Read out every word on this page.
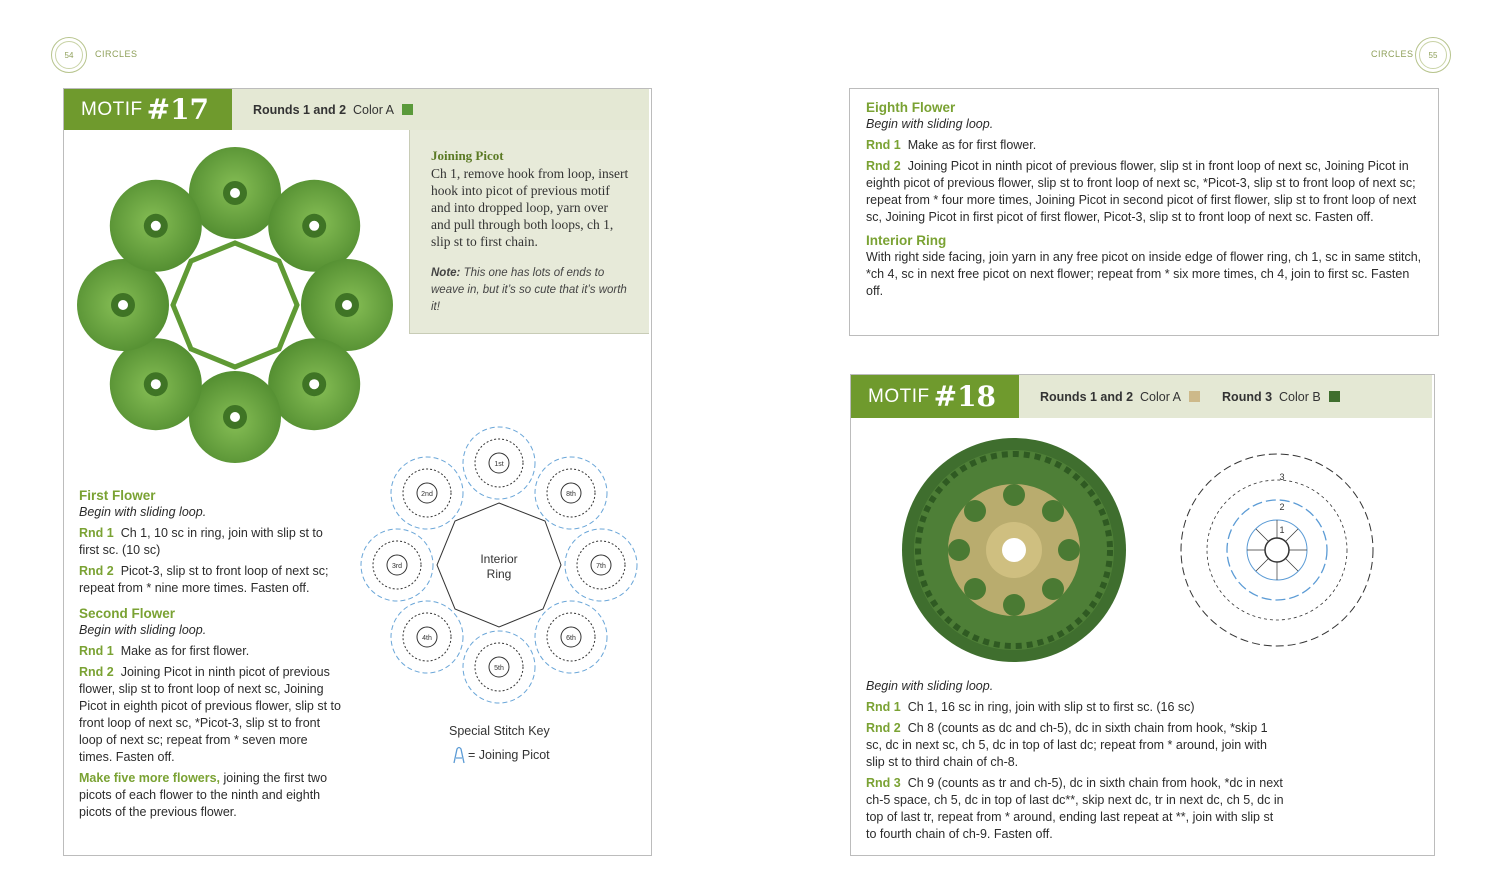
54	CIRCLES	CIRCLES	55
MOTIF #17	Rounds 1 and 2
Color A
Joining Picot
Ch 1, remove hook from loop, insert hook into picot of previous motif and into dropped loop, yarn over and pull through both loops, ch 1, slip st to first chain.
Note: This one has lots of ends to weave in, but it’s so cute that it’s worth it!
1st
2nd
3rd
4th
5th
6th
7th
8th
Interior
Ring
Special Stitch Key
= Joining Picot
First Flower

Begin with sliding loop.

Rnd 1 Ch 1, 10 sc in ring, join with slip st to first sc. (10 sc)

Rnd 2 Picot-3, slip st to front loop of next sc; repeat from * nine more times. Fasten off.

Second Flower

Begin with sliding loop.

Rnd 1 Make as for first flower.

Rnd 2 Joining Picot in ninth picot of previous flower, slip st to front loop of next sc, Joining Picot in eighth picot of previous flower, slip st to front loop of next sc, *Picot-3, slip st to front loop of next sc; repeat from * seven more times. Fasten off.

Make five more flowers, joining the first two picots of each flower to the ninth and eighth picots of the previous flower.

Eighth Flower

Begin with sliding loop.

Rnd 1 Make as for first flower.

Rnd 2 Joining Picot in ninth picot of previous flower, slip st in front loop of next sc, Joining Picot in eighth picot of previous flower, slip st to front loop of next sc, *Picot-3, slip st to front loop of next sc; repeat from * four more times, Joining Picot in second picot of first flower, slip st to front loop of next sc, Joining Picot in first picot of first flower, Picot-3, slip st to front loop of next sc. Fasten off.

Interior Ring

With right side facing, join yarn in any free picot on inside edge of flower ring, ch 1, sc in same stitch, *ch 4, sc in next free picot on next flower; repeat from * six more times, ch 4, join to first sc. Fasten off.

MOTIF #18	Rounds 1 and 2
Color A	Round 3
Color B
3
2
1

Begin with sliding loop.

Rnd 1 Ch 1, 16 sc in ring, join with slip st to first sc. (16 sc)

Rnd 2 Ch 8 (counts as dc and ch-5), dc in sixth chain from hook, *skip 1 sc, dc in next sc, ch 5, dc in top of last dc; repeat from * around, join with slip st to third chain of ch-8.

Rnd 3 Ch 9 (counts as tr and ch-5), dc in sixth chain from hook, *dc in next ch-5 space, ch 5, dc in top of last dc**, skip next dc, tr in next dc, ch 5, dc in top of last tr, repeat from * around, ending last repeat at **, join with slip st to fourth chain of ch-9. Fasten off.
